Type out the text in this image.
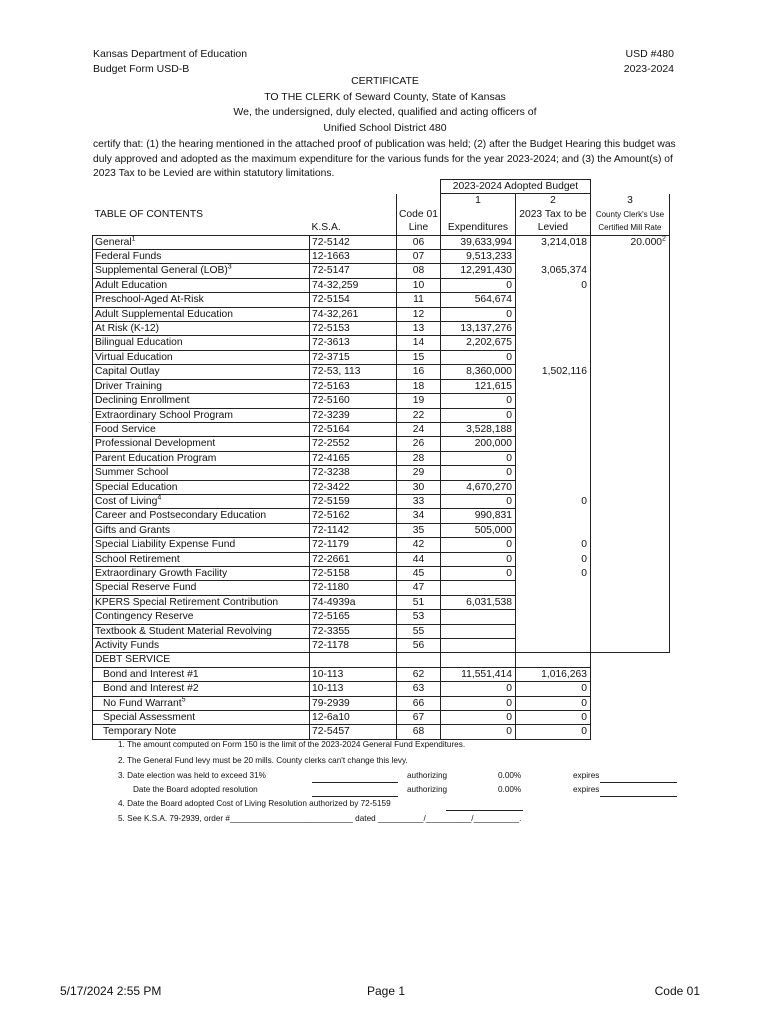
Kansas Department of Education
Budget Form USD-B
USD #480
2023-2024
CERTIFICATE
TO THE CLERK of Seward County, State of Kansas
We, the undersigned, duly elected, qualified and acting officers of
Unified School District 480
certify that: (1) the hearing mentioned in the attached proof of publication was held; (2) after the Budget Hearing this budget was duly approved and adopted as the maximum expenditure for the various funds for the year 2023-2024; and (3) the Amount(s) of 2023 Tax to be Levied are within statutory limitations.
			2023-2024 Adopted Budget		
			1	2	3
TABLE OF CONTENTS		Code 01		2023 Tax to be	County Clerk's Use
	K.S.A.	Line	Expenditures	Levied	Certified Mill Rate
General$^1$	72-5142	06	39,633,994	3,214,018	20.000$^2$
Federal Funds	12-1663	07	9,513,233		
Supplemental General (LOB)$^3$	72-5147	08	12,291,430	3,065,374	
Adult Education	74-32,259	10	0	0	
Preschool-Aged At-Risk	72-5154	11	564,674		
Adult Supplemental Education	74-32,261	12	0		
At Risk (K-12)	72-5153	13	13,137,276		
Bilingual Education	72-3613	14	2,202,675		
Virtual Education	72-3715	15	0		
Capital Outlay	72-53, 113	16	8,360,000	1,502,116	
Driver Training	72-5163	18	121,615		
Declining Enrollment	72-5160	19	0		
Extraordinary School Program	72-3239	22	0		
Food Service	72-5164	24	3,528,188		
Professional Development	72-2552	26	200,000		
Parent Education Program	72-4165	28	0		
Summer School	72-3238	29	0		
Special Education	72-3422	30	4,670,270		
Cost of Living$^4$	72-5159	33	0	0	
Career and Postsecondary Education	72-5162	34	990,831		
Gifts and Grants	72-1142	35	505,000		
Special Liability Expense Fund	72-1179	42	0	0	
School Retirement	72-2661	44	0	0	
Extraordinary Growth Facility	72-5158	45	0	0	
Special Reserve Fund	72-1180	47			
KPERS Special Retirement Contribution	74-4939a	51	6,031,538		
Contingency Reserve	72-5165	53			
Textbook & Student Material Revolving	72-3355	55			
Activity Funds	72-1178	56			
DEBT SERVICE					
Bond and Interest #1	10-113	62	11,551,414	1,016,263	
Bond and Interest #2	10-113	63	0	0	
No Fund Warrant$^5$	79-2939	66	0	0	
Special Assessment	12-6a10	67	0	0	
Temporary Note	72-5457	68	0	0	
1. The amount computed on Form 150 is the limit of the 2023-2024 General Fund Expenditures.
2. The General Fund levy must be 20 mills. County clerks can't change this levy.
3. Date election was held to exceed 31%	authorizing	0.00%	expires
Date the Board adopted resolution	authorizing	0.00%	expires
4. Date the Board adopted Cost of Living Resolution authorized by 72-5159
5. See K.S.A. 79-2939, order #___________________________ dated __________/__________/__________.
5/17/2024 2:55 PM	Page 1	Code 01
